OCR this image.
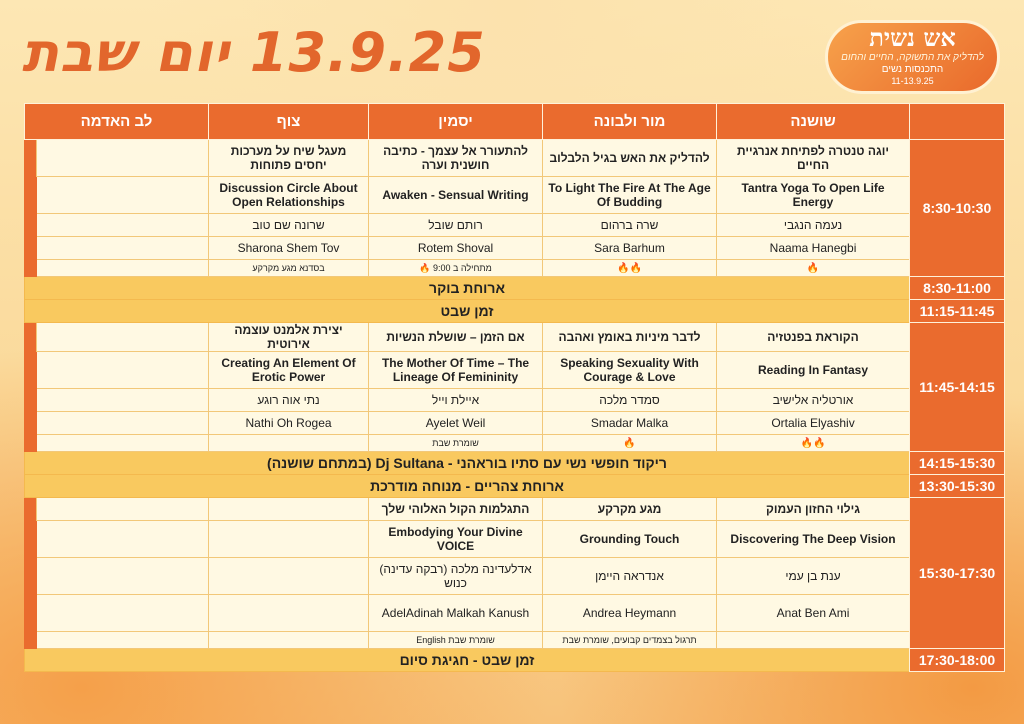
13.9.25 יום שבת	אש נשית
להדליק את התשוקה, החיים והחום
התכנסות נשים
11-13.9.25
	שושנה	מור ולבונה	יסמין	צוף	לב האדמה	
8:30-10:30	יוגה טנטרה לפתיחת אנרגיית החיים	להדליק את האש בגיל הלבלוב	להתעורר אל עצמך - כתיבה חושנית וערה	מעגל שיח על מערכות יחסים פתוחות		
	Tantra Yoga To Open Life Energy	To Light The Fire At The Age Of Budding	Awaken - Sensual Writing	Discussion Circle About Open Relationships		
	נעמה הנגבי	שרה ברהום	רותם שובל	שרונה שם טוב		
	Naama Hanegbi	Sara Barhum	Rotem Shoval	Sharona Shem Tov		
	🔥	🔥🔥	מתחילה ב 9:00 🔥	בסדנא מגע מקרקע		
8:30-11:00	ארוחת בוקר					
11:15-11:45	זמן שבט					
11:45-14:15	הקוראת בפנטזיה	לדבר מיניות באומץ ואהבה	אם הזמן – שושלת הנשיות	יצירת אלמנט עוצמה אירוטית		
	Reading In Fantasy	Speaking Sexuality With Courage & Love	The Mother Of Time – The Lineage Of Femininity	Creating An Element Of Erotic Power		
	אורטליה אלישיב	סמדר מלכה	איילת וייל	נתי אוה רוגע		
	Ortalia Elyashiv	Smadar Malka	Ayelet Weil	Nathi Oh Rogea		
	🔥🔥	🔥	שומרת שבת			
14:15-15:30	ריקוד חופשי נשי עם סתיו בוראהני - Dj Sultana (במתחם שושנה)					
13:30-15:30	ארוחת צהריים - מנוחה מודרכת					
15:30-17:30	גילוי החזון העמוק	מגע מקרקע	התגלמות הקול האלוהי שלך			
	Discovering The Deep Vision	Grounding Touch	Embodying Your Divine VOICE			
	ענת בן עמי	אנדראה היימן	אדלעדינה מלכה (רבקה עדינה) כנוש			
	Anat Ben Ami	Andrea Heymann	AdelAdinah Malkah Kanush			
		תרגול בצמדים קבועים, שומרת שבת	שומרת שבת English			
17:30-18:00	זמן שבט - חגיגת סיום					
